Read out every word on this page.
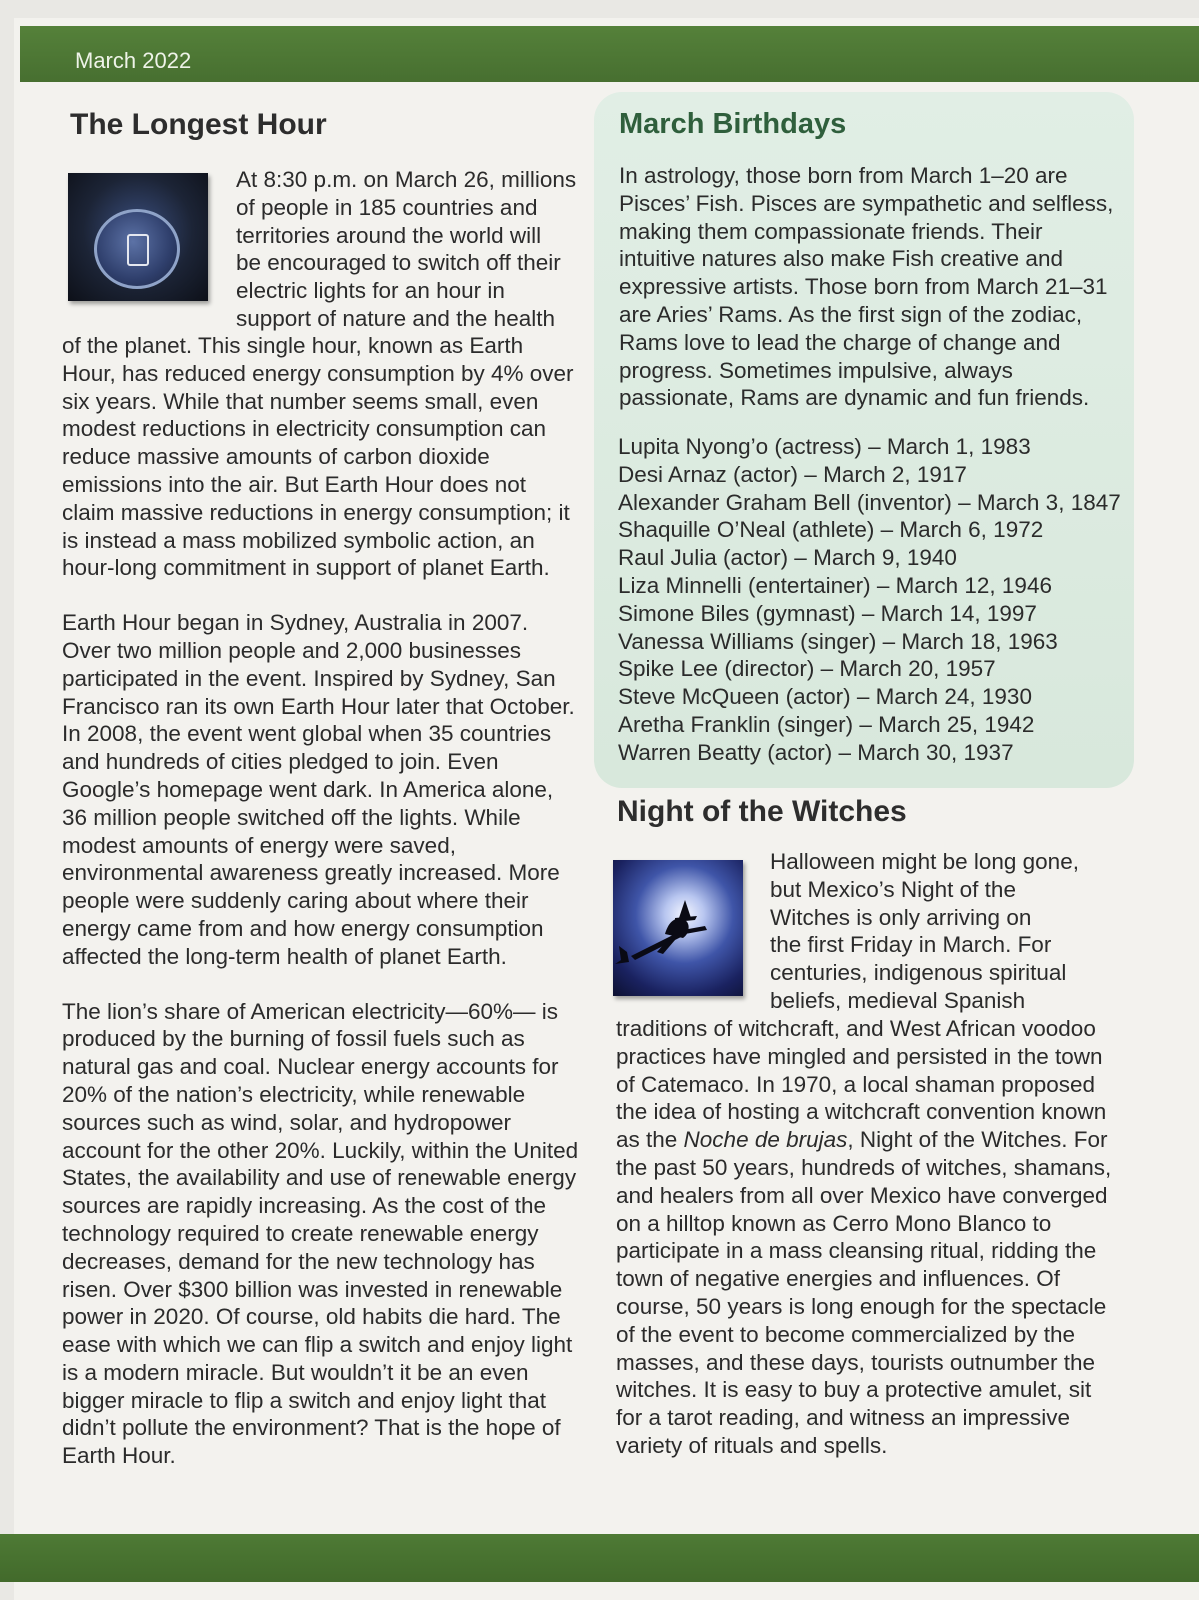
March 2022
The Longest Hour
At 8:30 p.m. on March 26, millions
of people in 185 countries and
territories around the world will
be encouraged to switch off their
electric lights for an hour in
support of nature and the health

of the planet. This single hour, known as Earth Hour, has reduced energy consumption by 4% over six years. While that number seems small, even modest reductions in electricity consumption can reduce massive amounts of carbon dioxide emissions into the air. But Earth Hour does not claim massive reductions in energy consumption; it is instead a mass mobilized symbolic action, an hour-long commitment in support of planet Earth.

Earth Hour began in Sydney, Australia in 2007. Over two million people and 2,000 businesses participated in the event. Inspired by Sydney, San Francisco ran its own Earth Hour later that October. In 2008, the event went global when 35 countries and hundreds of cities pledged to join. Even Google’s homepage went dark. In America alone, 36 million people switched off the lights. While modest amounts of energy were saved, environmental awareness greatly increased. More people were suddenly caring about where their energy came from and how energy consumption affected the long-term health of planet Earth.

The lion’s share of American electricity—60%— is produced by the burning of fossil fuels such as natural gas and coal. Nuclear energy accounts for 20% of the nation’s electricity, while renewable sources such as wind, solar, and hydropower account for the other 20%. Luckily, within the United States, the availability and use of renewable energy sources are rapidly increasing. As the cost of the technology required to create renewable energy decreases, demand for the new technology has risen. Over $300 billion was invested in renewable power in 2020. Of course, old habits die hard. The ease with which we can flip a switch and enjoy light is a modern miracle. But wouldn’t it be an even bigger miracle to flip a switch and enjoy light that didn’t pollute the environment? That is the hope of Earth Hour.

March Birthdays
In astrology, those born from March 1–20 are Pisces’ Fish. Pisces are sympathetic and selfless, making them compassionate friends. Their intuitive natures also make Fish creative and expressive artists. Those born from March 21–31 are Aries’ Rams. As the first sign of the zodiac, Rams love to lead the charge of change and progress. Sometimes impulsive, always passionate, Rams are dynamic and fun friends.
Lupita Nyong’o (actress) – March 1, 1983
Desi Arnaz (actor) – March 2, 1917
Alexander Graham Bell (inventor) – March 3, 1847
Shaquille O’Neal (athlete) – March 6, 1972
Raul Julia (actor) – March 9, 1940
Liza Minnelli (entertainer) – March 12, 1946
Simone Biles (gymnast) – March 14, 1997
Vanessa Williams (singer) – March 18, 1963
Spike Lee (director) – March 20, 1957
Steve McQueen (actor) – March 24, 1930
Aretha Franklin (singer) – March 25, 1942
Warren Beatty (actor) – March 30, 1937
Night of the Witches
Halloween might be long gone,
but Mexico’s Night of the
Witches is only arriving on
the first Friday in March. For
centuries, indigenous spiritual
beliefs, medieval Spanish
traditions of witchcraft, and West African voodoo practices have mingled and persisted in the town of Catemaco. In 1970, a local shaman proposed the idea of hosting a witchcraft convention known as the Noche de brujas, Night of the Witches. For the past 50 years, hundreds of witches, shamans, and healers from all over Mexico have converged on a hilltop known as Cerro Mono Blanco to participate in a mass cleansing ritual, ridding the town of negative energies and influences. Of course, 50 years is long enough for the spectacle of the event to become commercialized by the masses, and these days, tourists outnumber the witches. It is easy to buy a protective amulet, sit for a tarot reading, and witness an impressive variety of rituals and spells.
